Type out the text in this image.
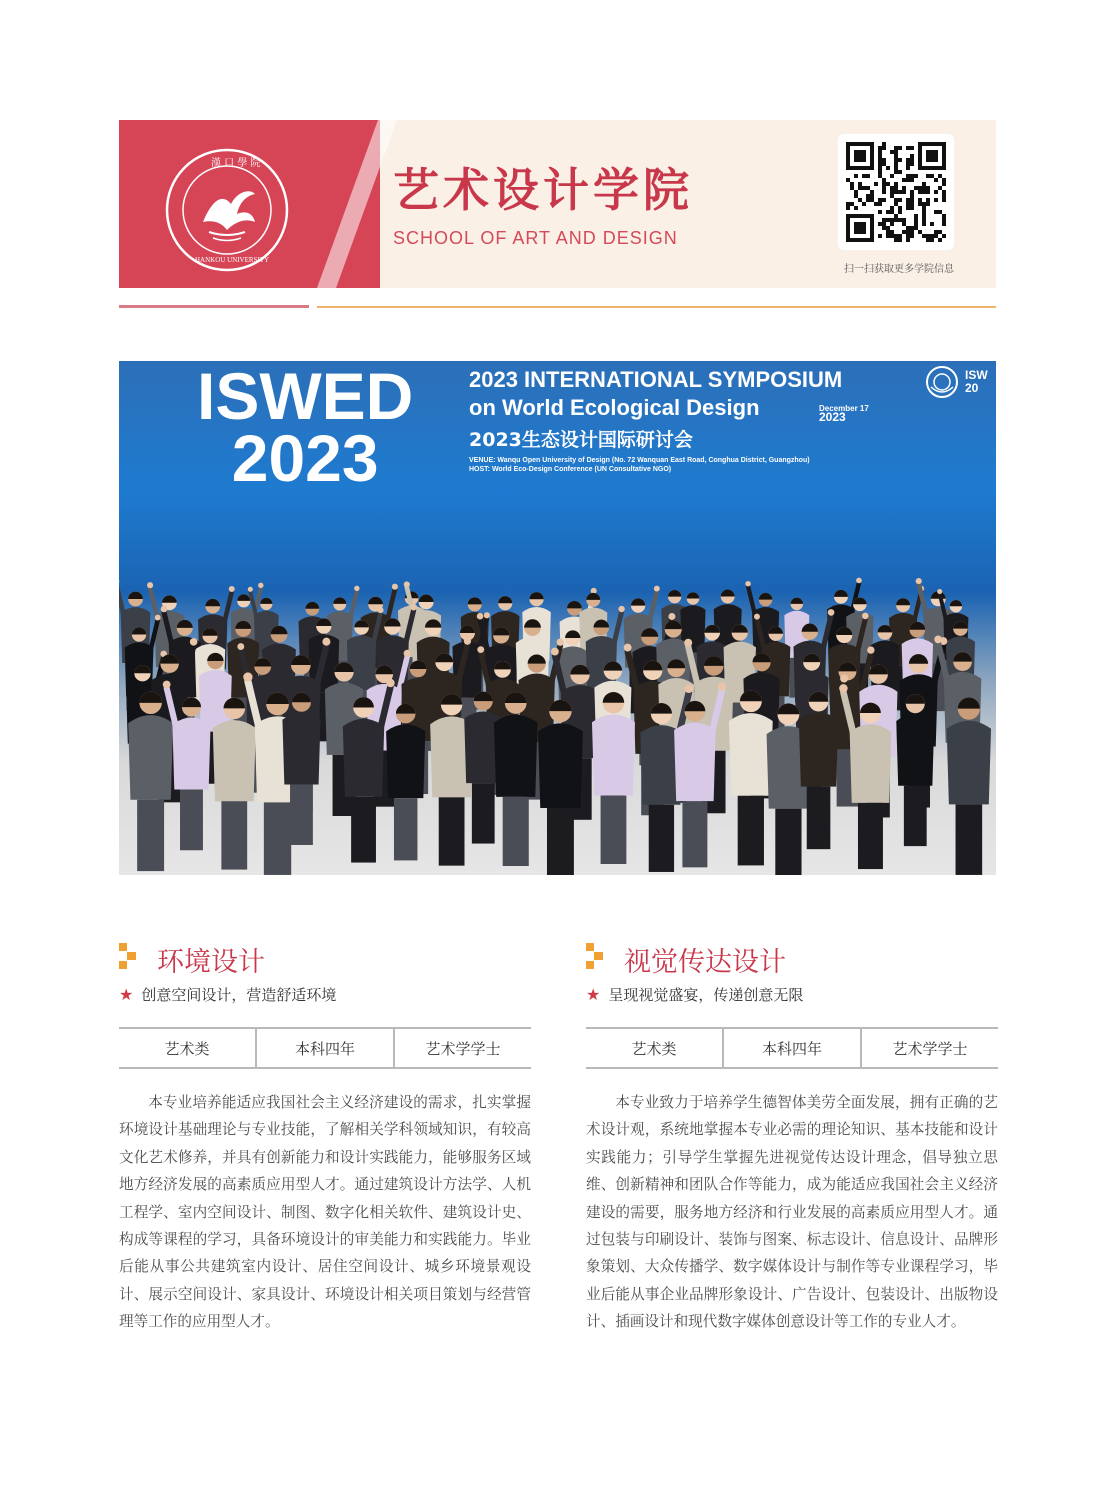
漢 口 學 院
HANKOU UNIVERSITY
艺术设计学院
SCHOOL OF ART AND DESIGN
扫一扫获取更多学院信息
ISWED
2023
2023 INTERNATIONAL SYMPOSIUM
on World Ecological Design
2023生态设计国际研讨会
December 17
2023
VENUE: Wanqu Open University of Design (No. 72 Wanquan East Road, Conghua District, Guangzhou)
HOST: World Eco-Design Conference (UN Consultative NGO)
ISW
20
环境设计
★ 创意空间设计，营造舒适环境
艺术类	本科四年	艺术学学士
本专业培养能适应我国社会主义经济建设的需求，扎实掌握环境设计基础理论与专业技能，了解相关学科领域知识，有较高文化艺术修养，并具有创新能力和设计实践能力，能够服务区域地方经济发展的高素质应用型人才。通过建筑设计方法学、人机工程学、室内空间设计、制图、数字化相关软件、建筑设计史、构成等课程的学习，具备环境设计的审美能力和实践能力。毕业后能从事公共建筑室内设计、居住空间设计、城乡环境景观设计、展示空间设计、家具设计、环境设计相关项目策划与经营管理等工作的应用型人才。
视觉传达设计
★ 呈现视觉盛宴，传递创意无限
艺术类	本科四年	艺术学学士
本专业致力于培养学生德智体美劳全面发展，拥有正确的艺术设计观，系统地掌握本专业必需的理论知识、基本技能和设计实践能力；引导学生掌握先进视觉传达设计理念，倡导独立思维、创新精神和团队合作等能力，成为能适应我国社会主义经济建设的需要，服务地方经济和行业发展的高素质应用型人才。通过包装与印刷设计、装饰与图案、标志设计、信息设计、品牌形象策划、大众传播学、数字媒体设计与制作等专业课程学习，毕业后能从事企业品牌形象设计、广告设计、包装设计、出版物设计、插画设计和现代数字媒体创意设计等工作的专业人才。
